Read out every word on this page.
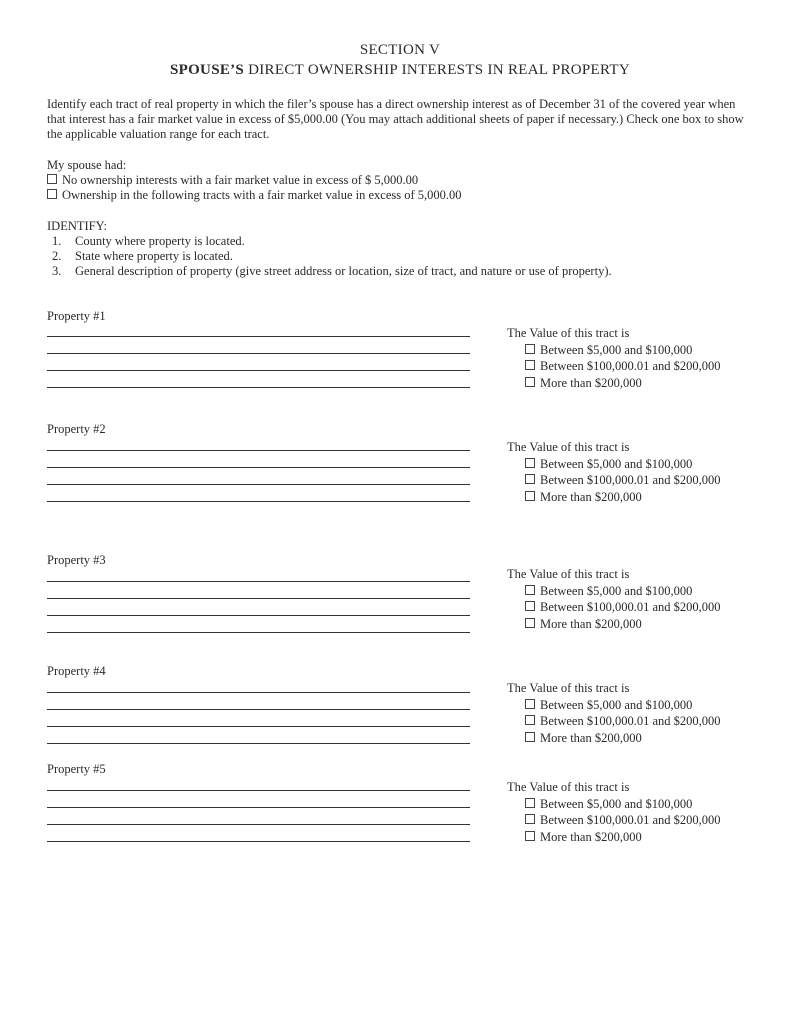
SECTION V
SPOUSE’S DIRECT OWNERSHIP INTERESTS IN REAL PROPERTY
Identify each tract of real property in which the filer’s spouse has a direct ownership interest as of December 31 of the covered year when that interest has a fair market value in excess of $5,000.00 (You may attach additional sheets of paper if necessary.) Check one box to show the applicable valuation range for each tract.
My spouse had:
No ownership interests with a fair market value in excess of $ 5,000.00
Ownership in the following tracts with a fair market value in excess of 5,000.00
IDENTIFY:
1. County where property is located.
2. State where property is located.
3. General description of property (give street address or location, size of tract, and nature or use of property).
Property #1
The Value of this tract is
Between $5,000 and $100,000
Between $100,000.01 and $200,000
More than $200,000
Property #2
The Value of this tract is
Between $5,000 and $100,000
Between $100,000.01 and $200,000
More than $200,000
Property #3
The Value of this tract is
Between $5,000 and $100,000
Between $100,000.01 and $200,000
More than $200,000
Property #4
The Value of this tract is
Between $5,000 and $100,000
Between $100,000.01 and $200,000
More than $200,000
Property #5
The Value of this tract is
Between $5,000 and $100,000
Between $100,000.01 and $200,000
More than $200,000
